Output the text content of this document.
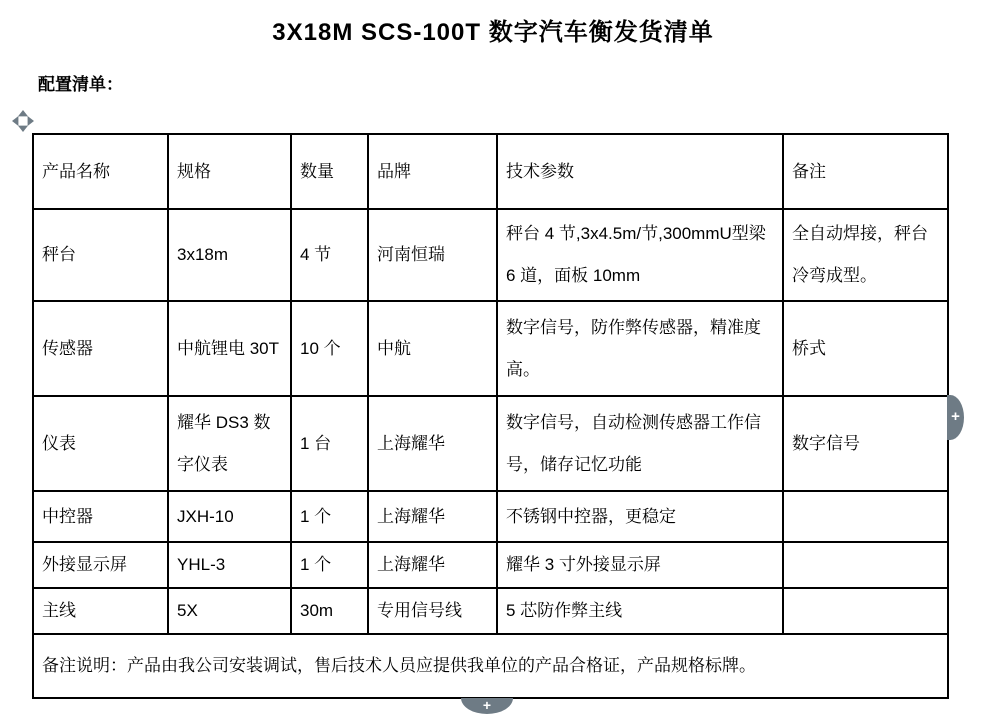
3X18M SCS-100T 数字汽车衡发货清单
配置清单：
产品名称	规格	数量	品牌	技术参数	备注
秤台	3x18m	4 节	河南恒瑞	秤台 4 节,3x4.5m/节,300mmU型梁 6 道，面板 10mm	全自动焊接，秤台冷弯成型。
传感器	中航锂电 30T	10 个	中航	数字信号，防作弊传感器，精准度高。	桥式
仪表	耀华 DS3 数字仪表	1 台	上海耀华	数字信号，自动检测传感器工作信号，储存记忆功能	数字信号
中控器	JXH-10	1 个	上海耀华	不锈钢中控器，更稳定	
外接显示屏	YHL-3	1 个	上海耀华	耀华 3 寸外接显示屏	
主线	5X	30m	专用信号线	5 芯防作弊主线	
备注说明：产品由我公司安装调试，售后技术人员应提供我单位的产品合格证，产品规格标牌。					
+
+
